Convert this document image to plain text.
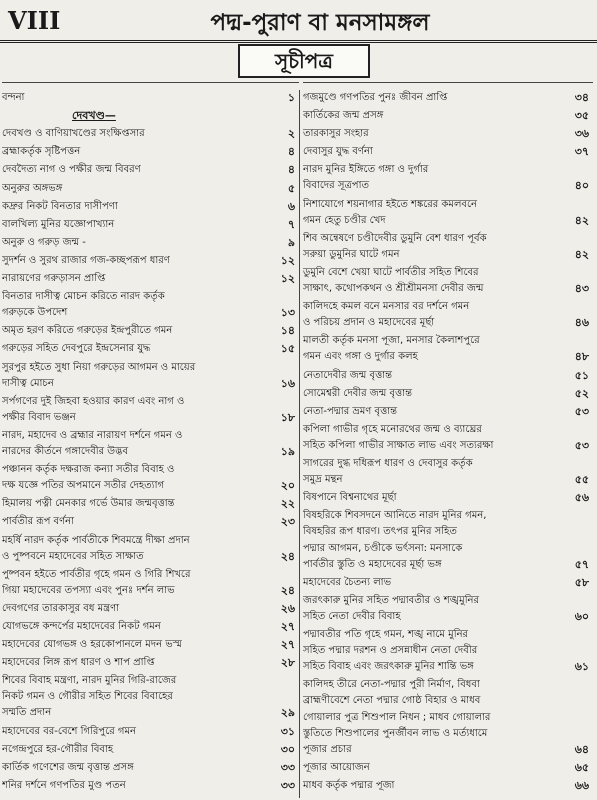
VIII	পদ্ম-পুরাণ বা মনসামঙ্গল
সূচীপত্র
বন্দনা	১
দেবখণ্ড—
দেবখণ্ড ও বাণিয়াখণ্ডের সংক্ষিপ্তসার	২
ব্রহ্মাকর্তৃক সৃষ্টিপত্তন	৪
দেবদৈত্য নাগ ও পক্ষীর জন্ম বিবরণ	৪
অনুরুর অঙ্গভঙ্গ	৫
কদ্রুর নিকট বিনতার দাসীপণা	৬
বালখিল্য মুনির যজ্ঞোপাখ্যান	৭
অনুরু ও গরুড় জন্ম -	৯
সুদর্শন ও সুরথ রাজার গজ-কচ্ছপরূপ ধারণ	১২
নারায়ণের গরুড়াসন প্রাপ্তি	১২
বিনতার দাসীত্ব মোচন করিতে নারদ কর্তৃক
গরুড়কে উপদেশ	১৩
অমৃত হরণ করিতে গরুড়ের ইন্দ্রপুরীতে গমন	১৪
গরুড়ের সহিত দেবপুরে ইন্দ্রসেনার যুদ্ধ	১৫
সুরপুর হইতে সুধা নিয়া গরুড়ের আগমন ও মায়ের
দাসীত্ব মোচন	১৬
সর্পগণের দুই জিহবা হওয়ার কারণ এবং নাগ ও
পক্ষীর বিবাদ ভঞ্জন	১৮
নারদ, মহাদেব ও ব্রহ্মার নারায়ণ দর্শনে গমন ও
নারদের কীর্তনে গঙ্গাদেবীর উদ্ভব	১৯
পঞ্চানন কর্তৃক দক্ষরাজ কন্যা সতীর বিবাহ ও
দক্ষ যজ্ঞে পতির অপমানে সতীর দেহত্যাগ	২০
হিমালয় পত্নী মেনকার গর্ভে উমার জন্মবৃত্তান্ত	২২
পার্বতীর রূপ বর্ণনা	২৩
মহর্ষি নারদ কর্তৃক পার্বতীকে শিবমন্ত্রে দীক্ষা প্রদান
ও পুষ্পবনে মহাদেবের সহিত সাক্ষাত	২৪
পুষ্পবন হইতে পার্বতীর গৃহে গমন ও গিরি শিখরে
গিয়া মহাদেবের তপস্যা এবং পুনঃ দর্শন লাভ	২৪
দেবগণের তারকাসুর বধ মন্ত্রণা	২৬
যোগভঙ্গে কন্দর্পের মহাদেবের নিকট গমন	২৭
মহাদেবের যোগভঙ্গ ও হরকোপানলে মদন ভস্ম	২৭
মহাদেবের লিঙ্গ রূপ ধারণ ও শাপ প্রাপ্তি	২৮
শিবের বিবাহ মন্ত্রণা, নারদ মুনির গিরি-রাজের
নিকট গমন ও গৌরীর সহিত শিবের বিবাহের
সম্মতি প্রদান	২৯
মহাদেবের বর-বেশে গিরিপুরে গমন	৩১
নগেন্দ্রপুরে হর-গৌরীর বিবাহ	৩০
কার্তিক গণেশের জন্ম বৃত্তান্ত প্রসঙ্গ	৩৩
শনির দর্শনে গণপতির মুণ্ড পতন	৩৩
গজমুণ্ডে গণপতির পুনঃ জীবন প্রাপ্তি	৩৪
কার্তিকের জন্ম প্রসঙ্গ	৩৫
তারকাসুর সংহার	৩৬
দেবাসুর যুদ্ধ বর্ণনা	৩৭
নারদ মুনির ইঙ্গিতে গঙ্গা ও দুর্গার
বিবাদের সূত্রপাত	৪০
নিশাযোগে শয়নাগার হইতে শঙ্করের কমলবনে
গমন হেতু চণ্ডীর খেদ	৪২
শিব অন্বেষণে চণ্ডীদেবীর ডুমুনি বেশ ধারণ পূর্বক
সরুয়া ডুমুনির ঘাটে গমন	৪২
ডুমুনি বেশে খেয়া ঘাটে পার্বতীর সহিত শিবের
সাক্ষাৎ, কথোপকথন ও শ্রীশ্রীমনসা দেবীর জন্ম	৪৩
কালিদহে কমল বনে মনসার বর দর্শনে গমন
ও পরিচয় প্রদান ও মহাদেবের মূর্ছা	৪৬
মালতী কর্তৃক মনসা পূজা, মনসার কৈলাশপুরে
গমন এবং গঙ্গা ও দুর্গার কলহ	৪৮
নেতাদেবীর জন্ম বৃত্তান্ত	৫১
সোমেশ্বরী দেবীর জন্ম বৃত্তান্ত	৫২
নেতা-পদ্মার ভ্রমণ বৃত্তান্ত	৫৩
কপিলা গাভীর গৃহে মনোরথের জন্ম ও ব্যাঘ্রের
সহিত কপিলা গাভীর সাক্ষাত লাভ এবং সত্যরক্ষা	৫৩
সাগরের দুগ্ধ দধিরূপ ধারণ ও দেবাসুর কর্তৃক
সমুদ্র মন্থন	৫৫
বিষপানে বিশ্বনাথের মূর্ছা	৫৬
বিষহরিকে শিবসদনে আনিতে নারদ মুনির গমন,
বিষহরির রূপ ধারণ। তৎপর মুনির সহিত
পদ্মার আগমন, চণ্ডীকে ভর্ৎসনা: মনসাকে
পার্বতীর স্তুতি ও মহাদেবের মূর্ছা ভঙ্গ	৫৭
মহাদেবের চৈতন্য লাভ	৫৮
জরৎকারু মুনির সহিত পদ্মাবতীর ও শঙ্খমুনির
সহিত নেতা দেবীর বিবাহ	৬০
পদ্মাবতীর পতি গৃহে গমন, শঙ্খ নামে মুনির
সহিত পদ্মার দরশন ও প্রসন্নাধীন নেতা দেবীর
সহিত বিবাহ এবং জরৎকারু মুনির শান্তি ভঙ্গ	৬১
কালিদহ তীরে নেতা-পদ্মার পুরী নির্মাণ, বিধবা
ব্রাহ্মণীবেশে নেতা পদ্মার গোষ্ঠ বিহার ও মাধব
গোয়ালার পুত্র শিশুপাল নিধন ; মাধব গোয়ালার
স্তুতিতে শিশুপালের পুনর্জীবন লাভ ও মর্ত্যধামে
পূজার প্রচার	৬৪
পূজার আয়োজন	৬৫
মাধব কর্তৃক পদ্মার পূজা	৬৬
